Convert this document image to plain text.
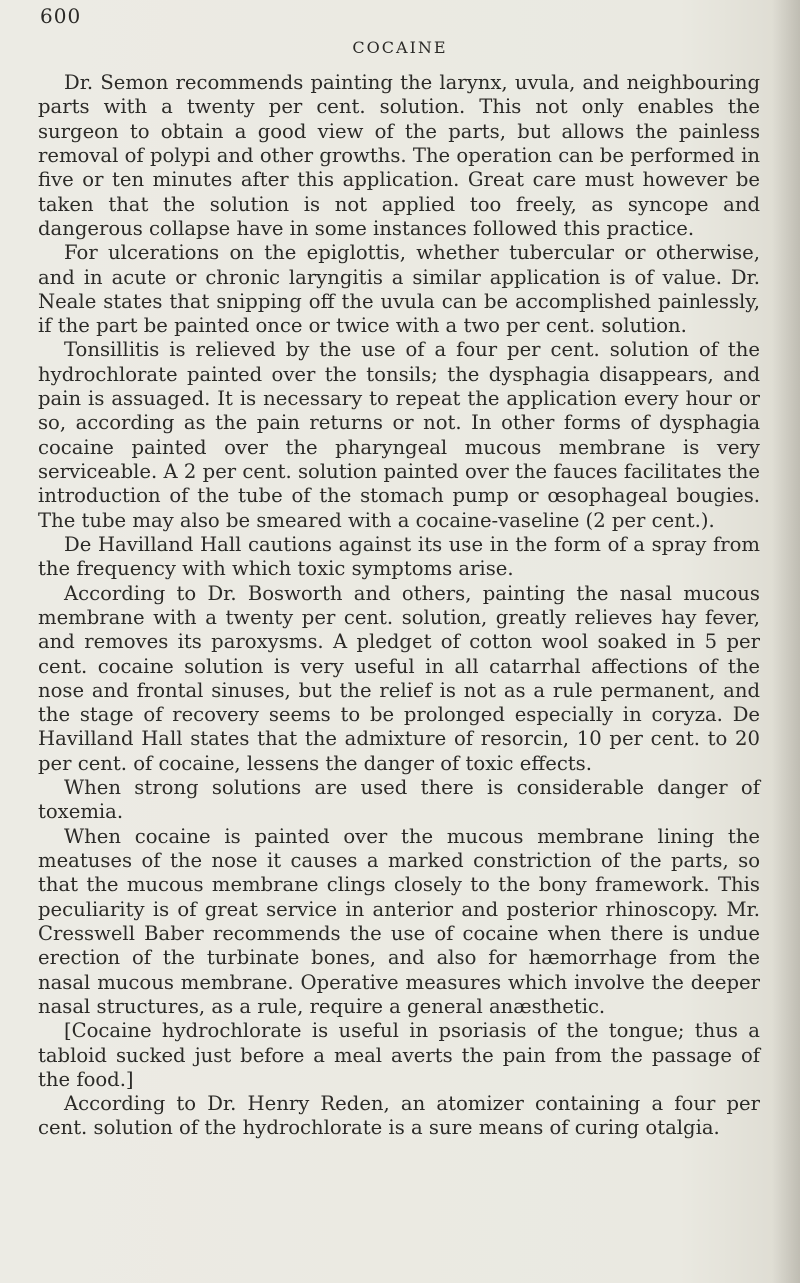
600
COCAINE

Dr. Semon recommends painting the larynx, uvula, and neighbouring parts with a twenty per cent. solution. This not only enables the surgeon to obtain a good view of the parts, but allows the painless removal of polypi and other growths. The operation can be performed in five or ten minutes after this application. Great care must however be taken that the solution is not applied too freely, as syncope and dangerous collapse have in some instances followed this practice.

For ulcerations on the epiglottis, whether tubercular or otherwise, and in acute or chronic laryngitis a similar application is of value. Dr. Neale states that snipping off the uvula can be accomplished painlessly, if the part be painted once or twice with a two per cent. solution.

Tonsillitis is relieved by the use of a four per cent. solution of the hydrochlorate painted over the tonsils; the dysphagia disappears, and pain is assuaged. It is necessary to repeat the application every hour or so, according as the pain returns or not. In other forms of dysphagia cocaine painted over the pharyngeal mucous membrane is very serviceable. A 2 per cent. solution painted over the fauces facilitates the introduction of the tube of the stomach pump or œsophageal bougies. The tube may also be smeared with a cocaine-vaseline (2 per cent.).

De Havilland Hall cautions against its use in the form of a spray from the frequency with which toxic symptoms arise.

According to Dr. Bosworth and others, painting the nasal mucous membrane with a twenty per cent. solution, greatly relieves hay fever, and removes its paroxysms. A pledget of cotton wool soaked in 5 per cent. cocaine solution is very useful in all catarrhal affections of the nose and frontal sinuses, but the relief is not as a rule permanent, and the stage of recovery seems to be prolonged especially in coryza. De Havilland Hall states that the admixture of resorcin, 10 per cent. to 20 per cent. of cocaine, lessens the danger of toxic effects.

When strong solutions are used there is considerable danger of toxemia.

When cocaine is painted over the mucous membrane lining the meatuses of the nose it causes a marked constriction of the parts, so that the mucous membrane clings closely to the bony framework. This peculiarity is of great service in anterior and posterior rhinoscopy. Mr. Cresswell Baber recommends the use of cocaine when there is undue erection of the turbinate bones, and also for hæmorrhage from the nasal mucous membrane. Operative measures which involve the deeper nasal structures, as a rule, require a general anæsthetic.

[Cocaine hydrochlorate is useful in psoriasis of the tongue; thus a tabloid sucked just before a meal averts the pain from the passage of the food.]

According to Dr. Henry Reden, an atomizer containing a four per cent. solution of the hydrochlorate is a sure means of curing otalgia.
